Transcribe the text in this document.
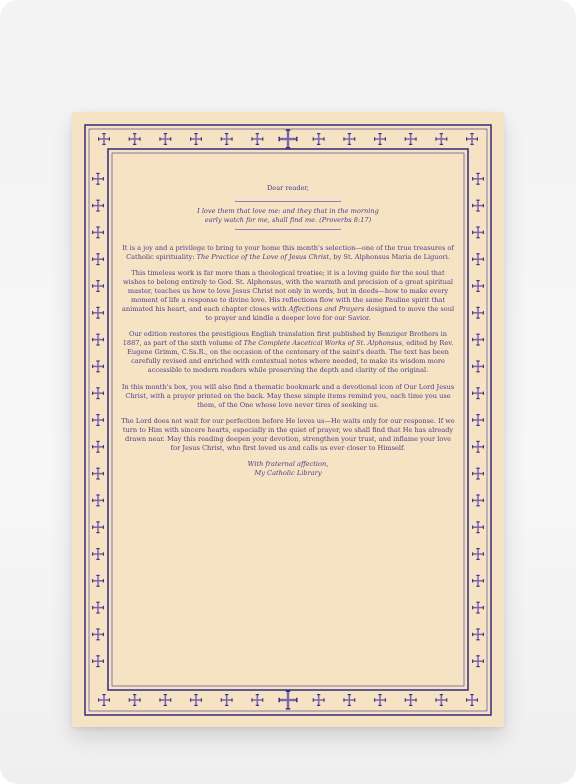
Dear reader,

I love them that love me: and they that in the morning
early watch for me, shall find me. (Proverbs 8:17)

It is a joy and a privilege to bring to your home this month's selection—one of the true treasures of Catholic spirituality: The Practice of the Love of Jesus Christ, by St. Alphonsus Maria de Liguori.

This timeless work is far more than a theological treatise; it is a loving guide for the soul that wishes to belong entirely to God. St. Alphonsus, with the warmth and precision of a great spiritual master, teaches us how to love Jesus Christ not only in words, but in deeds—how to make every moment of life a response to divine love. His reflections flow with the same Pauline spirit that animated his heart, and each chapter closes with Affections and Prayers designed to move the soul to prayer and kindle a deeper love for our Savior.

Our edition restores the prestigious English translation first published by Benziger Brothers in 1887, as part of the sixth volume of The Complete Ascetical Works of St. Alphonsus, edited by Rev. Eugene Grimm, C.Ss.R., on the occasion of the centenary of the saint's death. The text has been carefully revised and enriched with contextual notes where needed, to make its wisdom more accessible to modern readers while preserving the depth and clarity of the original.

In this month's box, you will also find a thematic bookmark and a devotional icon of Our Lord Jesus Christ, with a prayer printed on the back. May these simple items remind you, each time you use them, of the One whose love never tires of seeking us.

The Lord does not wait for our perfection before He loves us—He waits only for our response. If we turn to Him with sincere hearts, especially in the quiet of prayer, we shall find that He has already drawn near. May this reading deepen your devotion, strengthen your trust, and inflame your love for Jesus Christ, who first loved us and calls us ever closer to Himself.

With fraternal affection,
My Catholic Library
